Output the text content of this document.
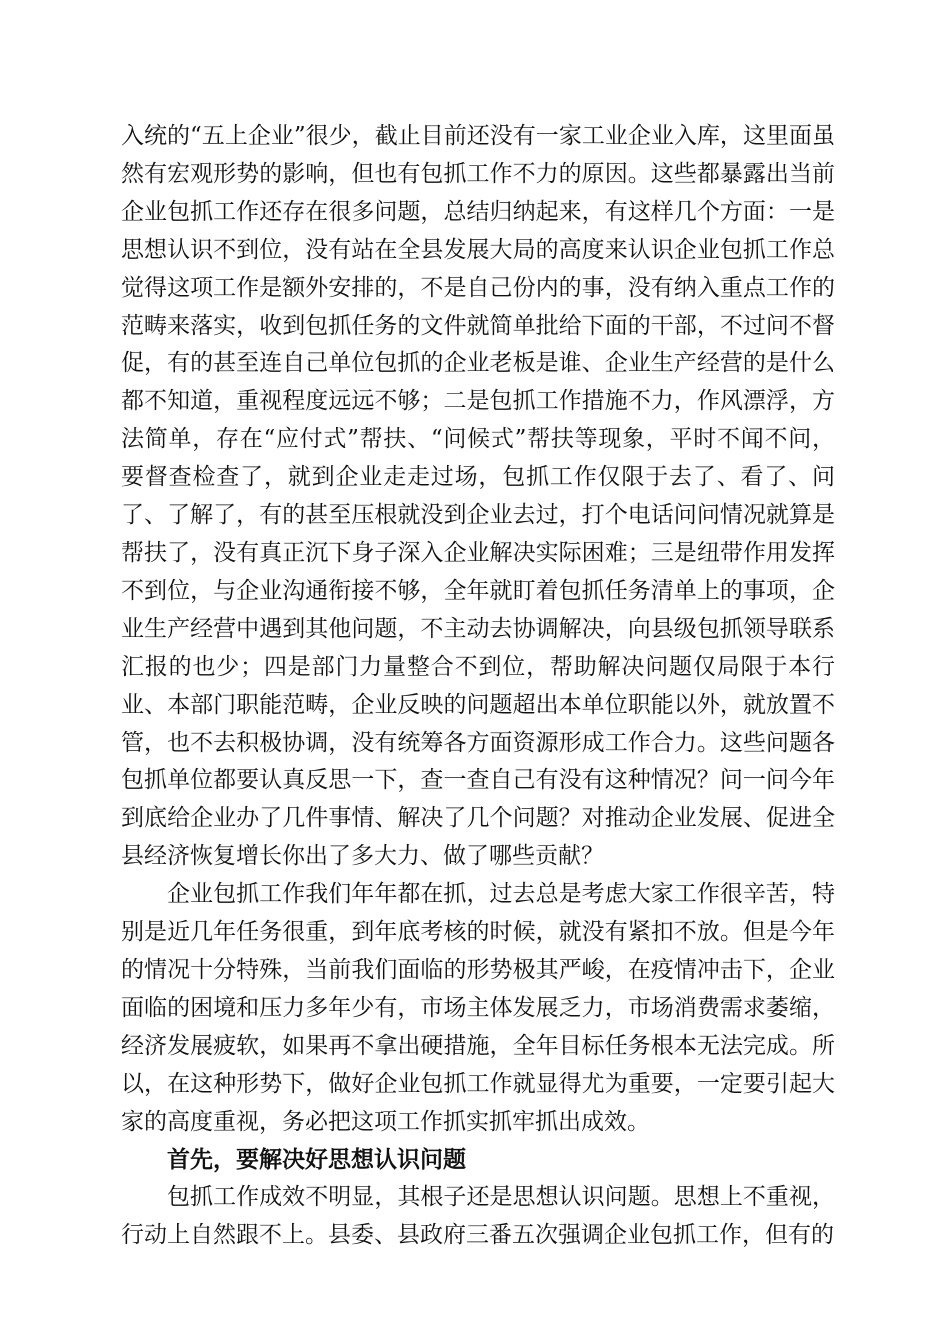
入统的“五上企业”很少，截止目前还没有一家工业企业入库，这里面虽然有宏观形势的影响，但也有包抓工作不力的原因。这些都暴露出当前企业包抓工作还存在很多问题，总结归纳起来，有这样几个方面：一是思想认识不到位，没有站在全县发展大局的高度来认识企业包抓工作总觉得这项工作是额外安排的，不是自己份内的事，没有纳入重点工作的范畴来落实，收到包抓任务的文件就简单批给下面的干部，不过问不督促，有的甚至连自己单位包抓的企业老板是谁、企业生产经营的是什么都不知道，重视程度远远不够；二是包抓工作措施不力，作风漂浮，方法简单，存在“应付式”帮扶、“问候式”帮扶等现象，平时不闻不问，要督查检查了，就到企业走走过场，包抓工作仅限于去了、看了、问了、了解了，有的甚至压根就没到企业去过，打个电话问问情况就算是帮扶了，没有真正沉下身子深入企业解决实际困难；三是纽带作用发挥不到位，与企业沟通衔接不够，全年就盯着包抓任务清单上的事项，企业生产经营中遇到其他问题，不主动去协调解决，向县级包抓领导联系汇报的也少；四是部门力量整合不到位，帮助解决问题仅局限于本行业、本部门职能范畴，企业反映的问题超出本单位职能以外，就放置不管，也不去积极协调，没有统筹各方面资源形成工作合力。这些问题各包抓单位都要认真反思一下，查一查自己有没有这种情况？问一问今年到底给企业办了几件事情、解决了几个问题？对推动企业发展、促进全县经济恢复增长你出了多大力、做了哪些贡献？

企业包抓工作我们年年都在抓，过去总是考虑大家工作很辛苦，特别是近几年任务很重，到年底考核的时候，就没有紧扣不放。但是今年的情况十分特殊，当前我们面临的形势极其严峻，在疫情冲击下，企业面临的困境和压力多年少有，市场主体发展乏力，市场消费需求萎缩，经济发展疲软，如果再不拿出硬措施，全年目标任务根本无法完成。所以，在这种形势下，做好企业包抓工作就显得尤为重要，一定要引起大家的高度重视，务必把这项工作抓实抓牢抓出成效。

首先，要解决好思想认识问题

包抓工作成效不明显，其根子还是思想认识问题。思想上不重视，行动上自然跟不上。县委、县政府三番五次强调企业包抓工作，但有的
